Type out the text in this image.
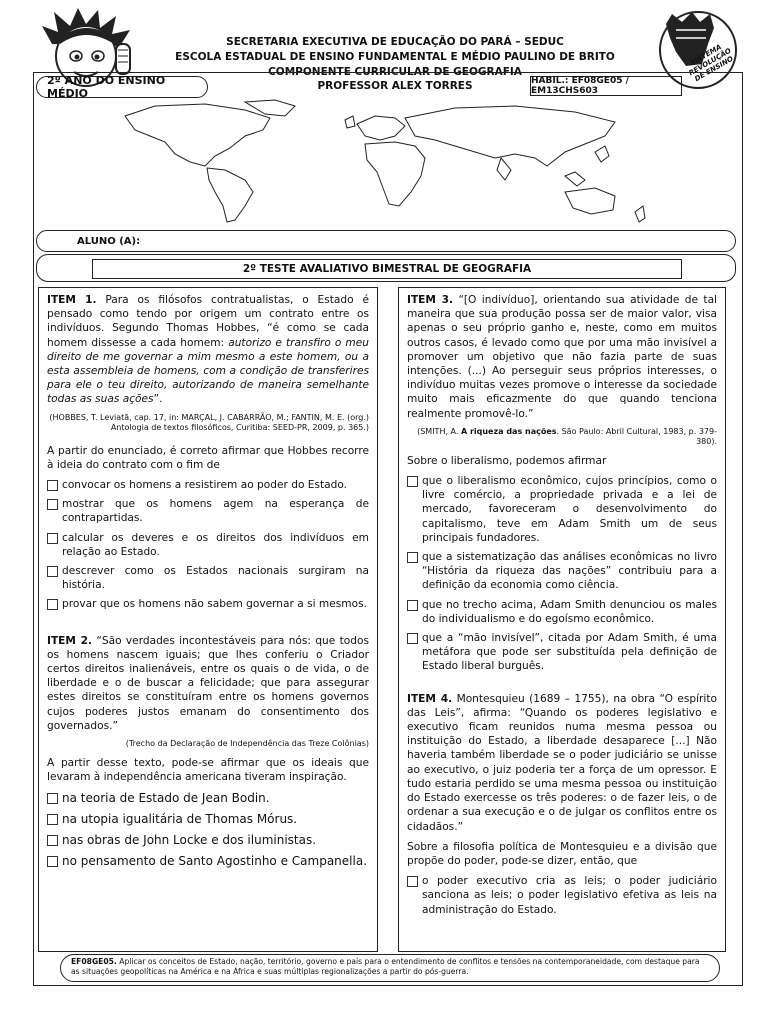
SISTEMA REVOLUÇÃO DE ENSINO
SECRETARIA EXECUTIVA DE EDUCAÇÃO DO PARÁ – SEDUC
ESCOLA ESTADUAL DE ENSINO FUNDAMENTAL E MÉDIO PAULINO DE BRITO
COMPONENTE CURRICULAR DE GEOGRAFIA
PROFESSOR ALEX TORRES
2º ANO DO ENSINO MÉDIO
HABIL.: EF08GE05 / EM13CHS603
ALUNO (A):
2º TESTE AVALIATIVO BIMESTRAL DE GEOGRAFIA

ITEM 1. Para os filósofos contratualistas, o Estado é pensado como tendo por origem um contrato entre os indivíduos. Segundo Thomas Hobbes, “é como se cada homem dissesse a cada homem: autorizo e transfiro o meu direito de me governar a mim mesmo a este homem, ou a esta assembleia de homens, com a condição de transferires para ele o teu direito, autorizando de maneira semelhante todas as suas ações”.

(HOBBES, T. Leviatã, cap. 17, in: MARÇAL, J. CABARRÃO, M.; FANTIN, M. E. (org.) Antologia de textos filosóficos, Curitiba: SEED-PR, 2009, p. 365.)

A partir do enunciado, é correto afirmar que Hobbes recorre à ideia do contrato com o fim de

convocar os homens a resistirem ao poder do Estado.
mostrar que os homens agem na esperança de contrapartidas.
calcular os deveres e os direitos dos indivíduos em relação ao Estado.
descrever como os Estados nacionais surgiram na história.
provar que os homens não sabem governar a si mesmos.

ITEM 2. “São verdades incontestáveis para nós: que todos os homens nascem iguais; que lhes conferiu o Criador certos direitos inalienáveis, entre os quais o de vida, o de liberdade e o de buscar a felicidade; que para assegurar estes direitos se constituíram entre os homens governos cujos poderes justos emanam do consentimento dos governados.”

(Trecho da Declaração de Independência das Treze Colônias)

A partir desse texto, pode-se afirmar que os ideais que levaram à independência americana tiveram inspiração.

na teoria de Estado de Jean Bodin.
na utopia igualitária de Thomas Mórus.
nas obras de John Locke e dos iluministas.
no pensamento de Santo Agostinho e Campanella.

ITEM 3. “[O indivíduo], orientando sua atividade de tal maneira que sua produção possa ser de maior valor, visa apenas o seu próprio ganho e, neste, como em muitos outros casos, é levado como que por uma mão invisível a promover um objetivo que não fazia parte de suas intenções. (...) Ao perseguir seus próprios interesses, o indivíduo muitas vezes promove o interesse da sociedade muito mais eficazmente do que quando tenciona realmente promovê-lo.”

(SMITH, A. A riqueza das nações. São Paulo: Abril Cultural, 1983, p. 379-380).

Sobre o liberalismo, podemos afirmar

que o liberalismo econômico, cujos princípios, como o livre comércio, a propriedade privada e a lei de mercado, favoreceram o desenvolvimento do capitalismo, teve em Adam Smith um de seus principais fundadores.
que a sistematização das análises econômicas no livro “História da riqueza das nações” contribuiu para a definição da economia como ciência.
que no trecho acima, Adam Smith denunciou os males do individualismo e do egoísmo econômico.
que a “mão invisível”, citada por Adam Smith, é uma metáfora que pode ser substituída pela definição de Estado liberal burguês.

ITEM 4. Montesquieu (1689 – 1755), na obra “O espírito das Leis”, afirma: “Quando os poderes legislativo e executivo ficam reunidos numa mesma pessoa ou instituição do Estado, a liberdade desaparece [...] Não haveria também liberdade se o poder judiciário se unisse ao executivo, o juiz poderia ter a força de um opressor. E tudo estaria perdido se uma mesma pessoa ou instituição do Estado exercesse os três poderes: o de fazer leis, o de ordenar a sua execução e o de julgar os conflitos entre os cidadãos.”

Sobre a filosofia política de Montesquieu e a divisão que propõe do poder, pode-se dizer, então, que

o poder executivo cria as leis; o poder judiciário sanciona as leis; o poder legislativo efetiva as leis na administração do Estado.
EF08GE05. Aplicar os conceitos de Estado, nação, território, governo e país para o entendimento de conflitos e tensões na contemporaneidade, com destaque para as situações geopolíticas na América e na África e suas múltiplas regionalizações a partir do pós-guerra.
